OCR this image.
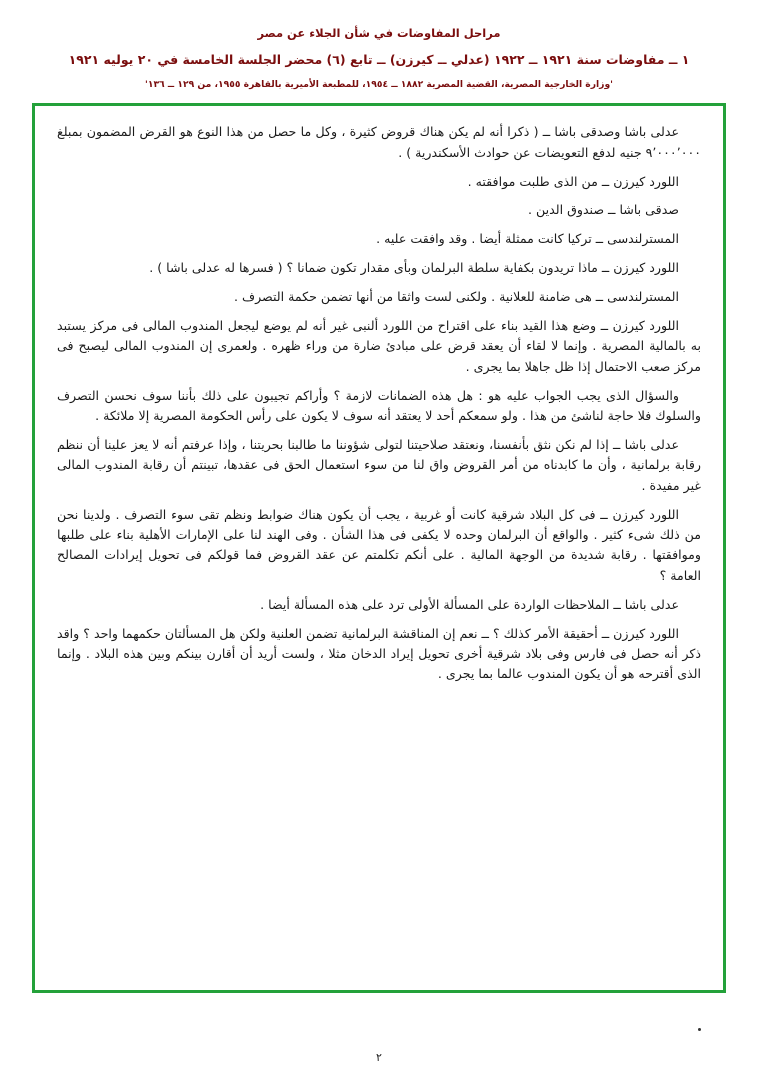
مراحل المفاوضات في شأن الجلاء عن مصر
١ ــ مفاوضات سنة ١٩٢١ ــ ١٩٢٢ (عدلي ــ كيرزن) ــ تابع (٦) محضر الجلسة الخامسة في ٢٠ يوليه ١٩٢١
'وزارة الخارجية المصرية، القضية المصرية ١٨٨٢ ــ ١٩٥٤، للمطبعة الأميرية بالقاهرة ١٩٥٥، من ١٢٩ ــ ١٣٦'

عدلى باشا وصدقى باشا ــ ( ذكرا أنه لم يكن هناك قروض كثيرة ، وكل ما حصل من هذا النوع هو القرض المضمون بمبلغ ٩٬٠٠٠٬٠٠٠ جنيه لدفع التعويضات عن حوادث الأسكندرية ) .

اللورد كيرزن ــ من الذى طلبت موافقته .

صدقى باشا ــ صندوق الدين .

المسترلندسى ــ تركيا كانت ممثلة أيضا . وقد وافقت عليه .

اللورد كيرزن ــ ماذا تريدون بكفاية سلطة البرلمان وبأى مقدار تكون ضمانا ؟ ( فسرها له عدلى باشا ) .

المسترلندسى ــ هى ضامنة للعلانية . ولكنى لست واثقا من أنها تضمن حكمة التصرف .

اللورد كيرزن ــ وضع هذا القيد بناء على اقتراح من اللورد ألنبى غير أنه لم يوضع ليجعل المندوب المالى فى مركز يستبد به بالمالية المصرية . وإنما لا لقاء أن يعقد قرض على مبادئ ضارة من وراء ظهره . ولعمرى إن المندوب المالى ليصبح فى مركز صعب الاحتمال إذا ظل جاهلا بما يجرى .

والسؤال الذى يجب الجواب عليه هو : هل هذه الضمانات لازمة ؟ وأراكم تجيبون على ذلك بأننا سوف نحسن التصرف والسلوك فلا حاجة لناشئ من هذا . ولو سمعكم أحد لا يعتقد أنه سوف لا يكون على رأس الحكومة المصرية إلا ملائكة .

عدلى باشا ــ إذا لم نكن نثق بأنفسنا، ونعتقد صلاحيتنا لتولى شؤوننا ما طالبنا بحريتنا ، وإذا عرفتم أنه لا يعز علينا أن ننظم رقابة برلمانية ، وأن ما كابدناه من أمر القروض واق لنا من سوء استعمال الحق فى عقدها، تبينتم أن رقابة المندوب المالى غير مفيدة .

اللورد كيرزن ــ فى كل البلاد شرقية كانت أو غربية ، يجب أن يكون هناك ضوابط ونظم تقى سوء التصرف . ولدينا نحن من ذلك شىء كثير . والواقع أن البرلمان وحده لا يكفى فى هذا الشأن . وفى الهند لنا على الإمارات الأهلية بناء على طلبها وموافقتها . رقابة شديدة من الوجهة المالية . على أنكم تكلمتم عن عقد القروض فما قولكم فى تحويل إيرادات المصالح العامة ؟

عدلى باشا ــ الملاحظات الواردة على المسألة الأولى ترد على هذه المسألة أيضا .

اللورد كيرزن ــ أحقيقة الأمر كذلك ؟ ــ نعم إن المناقشة البرلمانية تضمن العلنية ولكن هل المسألتان حكمهما واحد ؟ واقد ذكر أنه حصل فى فارس وفى بلاد شرقية أخرى تحويل إيراد الدخان مثلا ، ولست أريد أن أقارن بينكم وبين هذه البلاد . وإنما الذى أقترحه هو أن يكون المندوب عالما بما يجرى .

٢
